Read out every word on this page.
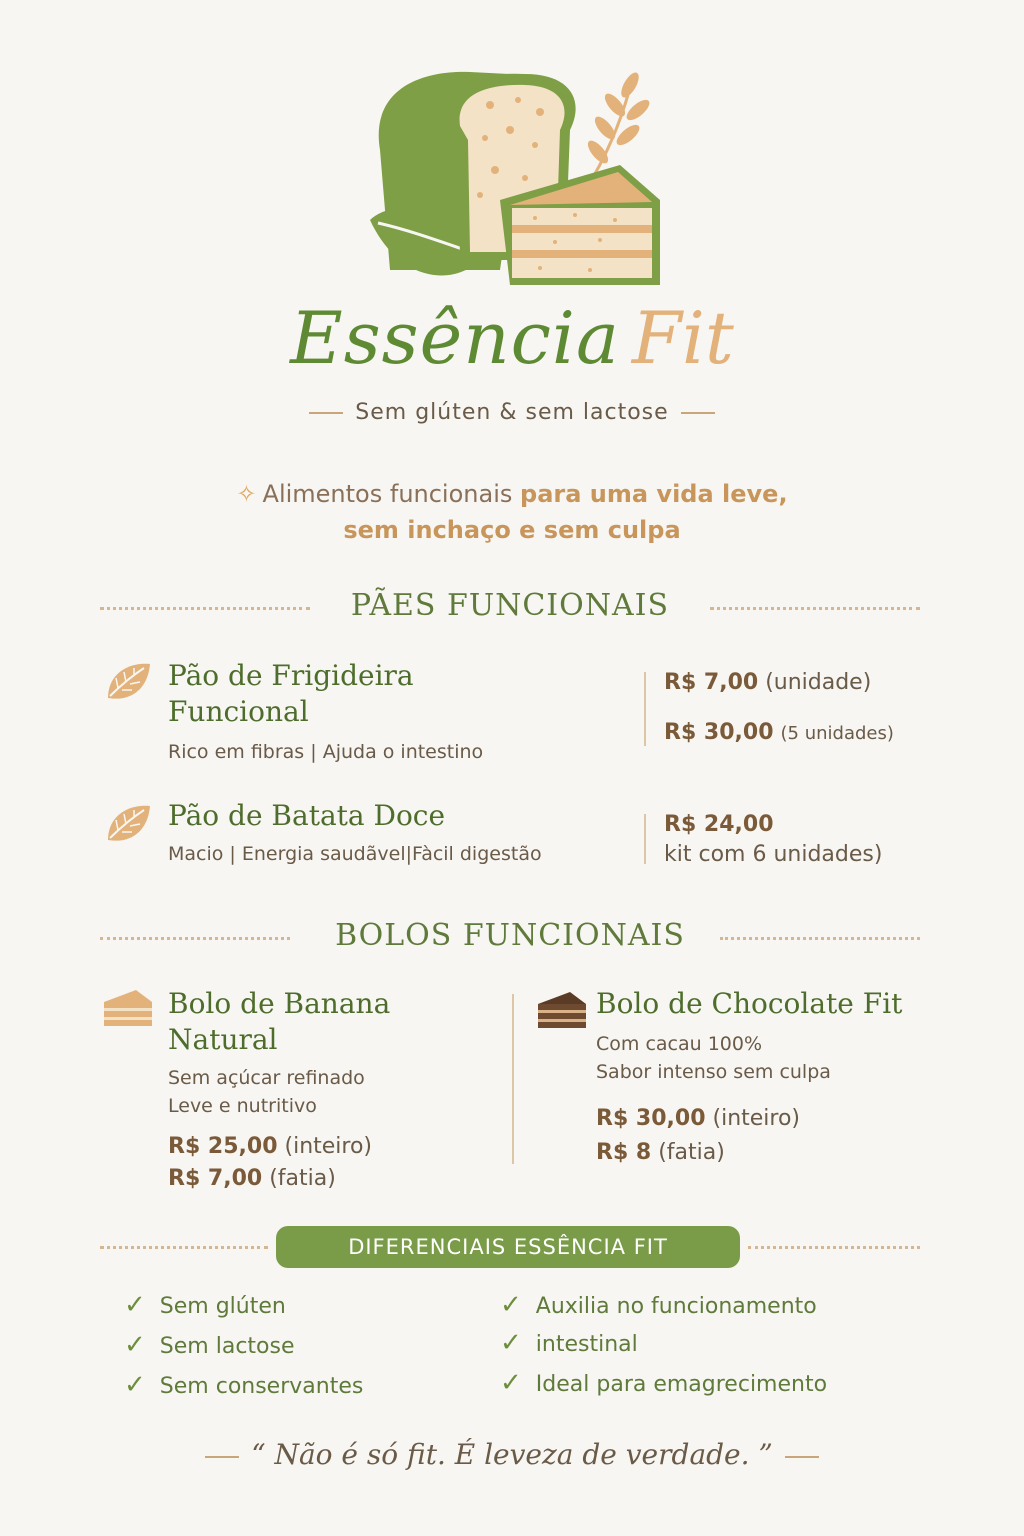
Essência Fit
Sem glúten & sem lactose
✧ Alimentos funcionais para uma vida leve,
sem inchaço e sem culpa
PÃES FUNCIONAIS
Pão de Frigideira
Funcional
Rico em fibras | Ajuda o intestino
R$ 7,00 (unidade)
R$ 30,00 (5 unidades)
Pão de Batata Doce
Macio | Energia saudãvel|Fàcil digestão
R$ 24,00
kit com 6 unidades)
BOLOS FUNCIONAIS
Bolo de Banana
Natural
Sem açúcar refinado
Leve e nutritivo
R$ 25,00 (inteiro)
R$ 7,00 (fatia)
Bolo de Chocolate Fit
Com cacau 100%
Sabor intenso sem culpa
R$ 30,00 (inteiro)
R$ 8 (fatia)
DIFERENCIAIS ESSÊNCIA FIT
✓ Sem glúten
✓ Sem lactose
✓ Sem conservantes
✓ Auxilia no funcionamento
✓ intestinal
✓ Ideal para emagrecimento
“ Não é só fit. É leveza de verdade. ”
